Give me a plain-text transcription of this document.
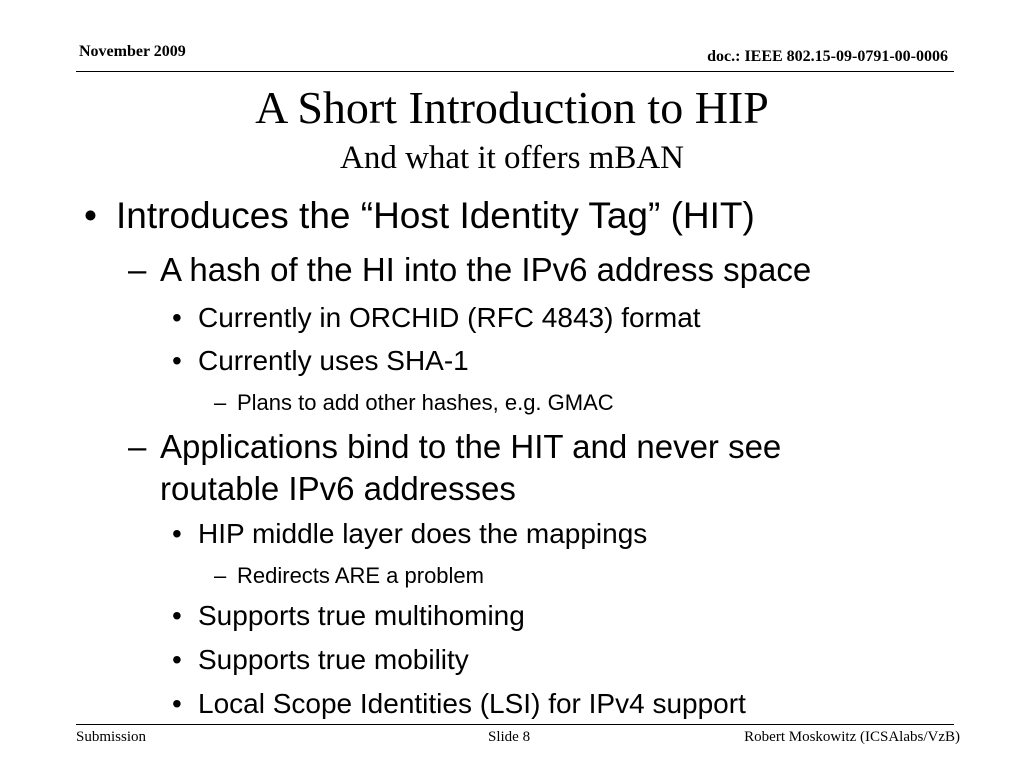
November 2009	doc.: IEEE 802.15-09-0791-00-0006
A Short Introduction to HIP
And what it offers mBAN
• Introduces the “Host Identity Tag” (HIT)
– A hash of the HI into the IPv6 address space
• Currently in ORCHID (RFC 4843) format
• Currently uses SHA-1
– Plans to add other hashes, e.g. GMAC
– Applications bind to the HIT and never see
routable IPv6 addresses
• HIP middle layer does the mappings
– Redirects ARE a problem
• Supports true multihoming
• Supports true mobility
• Local Scope Identities (LSI) for IPv4 support
Submission	Slide 8	Robert Moskowitz (ICSAlabs/VzB)
